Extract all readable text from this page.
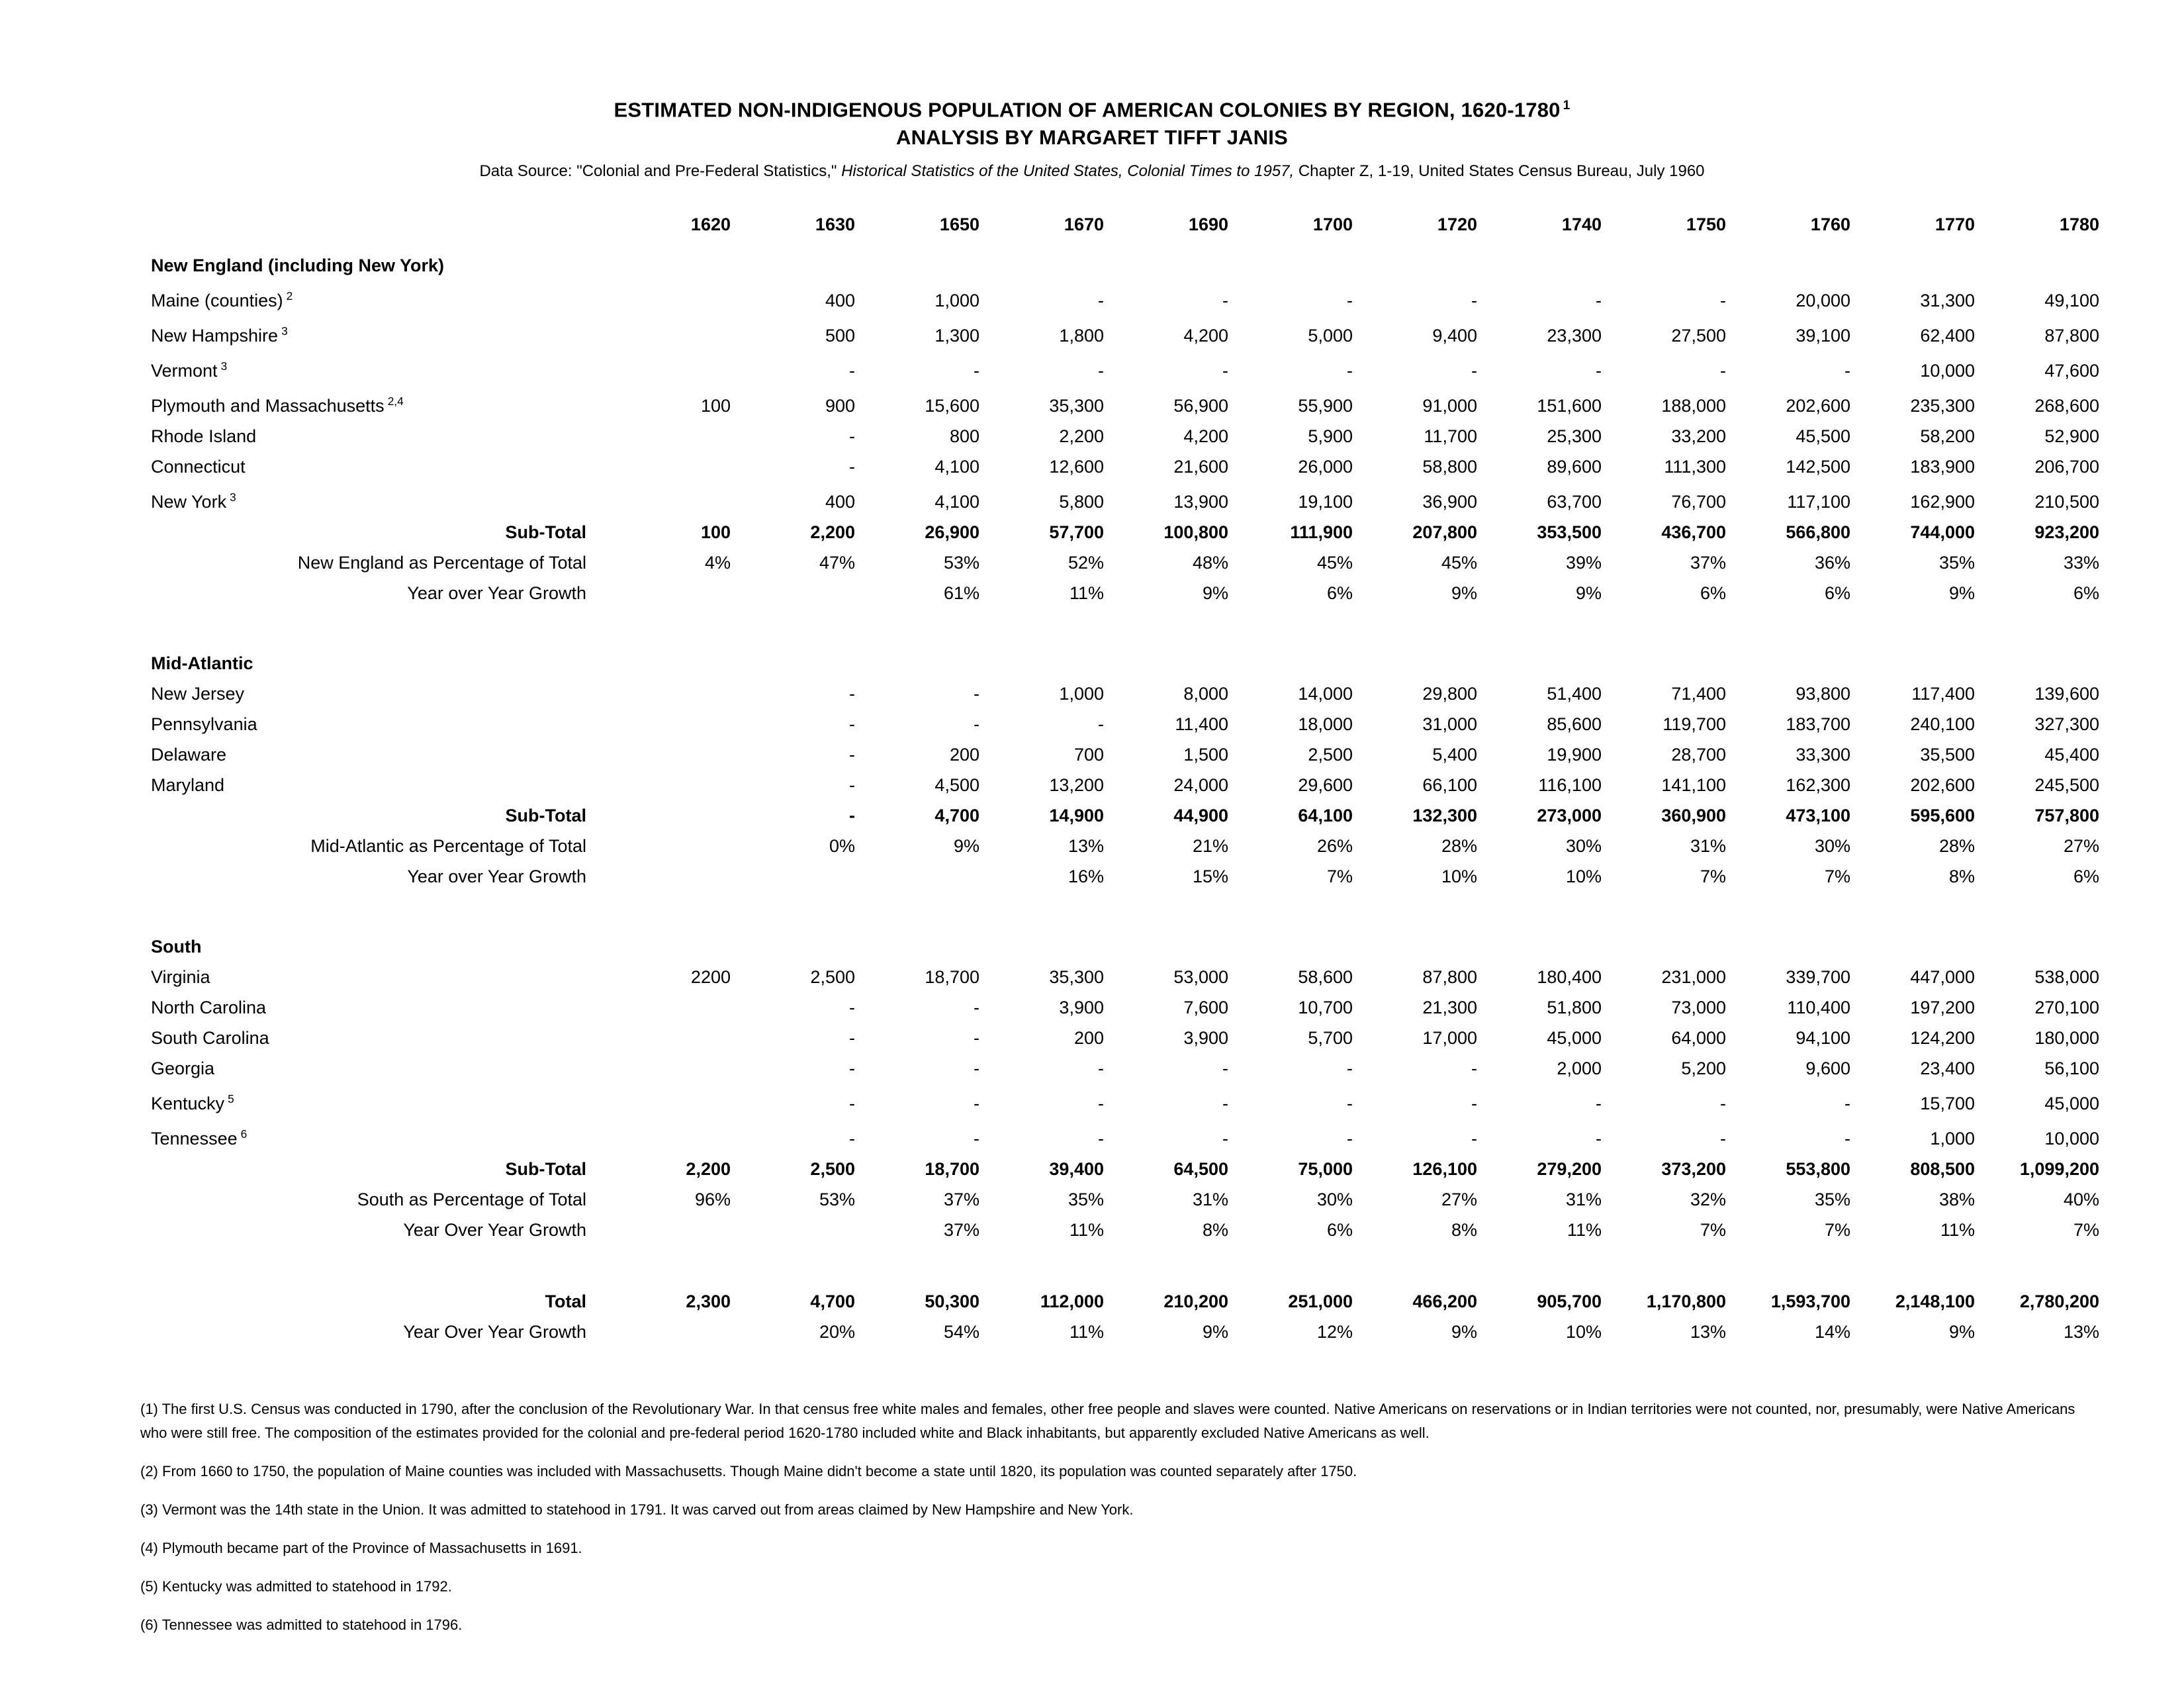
ESTIMATED NON-INDIGENOUS POPULATION OF AMERICAN COLONIES BY REGION, 1620-1780 $^1$
ANALYSIS BY MARGARET TIFFT JANIS
Data Source: "Colonial and Pre-Federal Statistics," Historical Statistics of the United States, Colonial Times to 1957, Chapter Z, 1-19, United States Census Bureau, July 1960
	1620	1630	1650	1670	1690	1700	1720	1740	1750	1760	1770	1780
New England (including New York)												
Maine (counties) $^2$		400	1,000	-	-	-	-	-	-	20,000	31,300	49,100
New Hampshire $^3$		500	1,300	1,800	4,200	5,000	9,400	23,300	27,500	39,100	62,400	87,800
Vermont $^3$		-	-	-	-	-	-	-	-	-	10,000	47,600
Plymouth and Massachusetts $^{2,4}$	100	900	15,600	35,300	56,900	55,900	91,000	151,600	188,000	202,600	235,300	268,600
Rhode Island		-	800	2,200	4,200	5,900	11,700	25,300	33,200	45,500	58,200	52,900
Connecticut		-	4,100	12,600	21,600	26,000	58,800	89,600	111,300	142,500	183,900	206,700
New York $^3$		400	4,100	5,800	13,900	19,100	36,900	63,700	76,700	117,100	162,900	210,500
Sub-Total	100	2,200	26,900	57,700	100,800	111,900	207,800	353,500	436,700	566,800	744,000	923,200
New England as Percentage of Total	4%	47%	53%	52%	48%	45%	45%	39%	37%	36%	35%	33%
Year over Year Growth			61%	11%	9%	6%	9%	9%	6%	6%	9%	6%

Mid-Atlantic												
New Jersey		-	-	1,000	8,000	14,000	29,800	51,400	71,400	93,800	117,400	139,600
Pennsylvania		-	-	-	11,400	18,000	31,000	85,600	119,700	183,700	240,100	327,300
Delaware		-	200	700	1,500	2,500	5,400	19,900	28,700	33,300	35,500	45,400
Maryland		-	4,500	13,200	24,000	29,600	66,100	116,100	141,100	162,300	202,600	245,500
Sub-Total		-	4,700	14,900	44,900	64,100	132,300	273,000	360,900	473,100	595,600	757,800
Mid-Atlantic as Percentage of Total		0%	9%	13%	21%	26%	28%	30%	31%	30%	28%	27%
Year over Year Growth				16%	15%	7%	10%	10%	7%	7%	8%	6%

South												
Virginia	2200	2,500	18,700	35,300	53,000	58,600	87,800	180,400	231,000	339,700	447,000	538,000
North Carolina		-	-	3,900	7,600	10,700	21,300	51,800	73,000	110,400	197,200	270,100
South Carolina		-	-	200	3,900	5,700	17,000	45,000	64,000	94,100	124,200	180,000
Georgia		-	-	-	-	-	-	2,000	5,200	9,600	23,400	56,100
Kentucky $^5$		-	-	-	-	-	-	-	-	-	15,700	45,000
Tennessee $^6$		-	-	-	-	-	-	-	-	-	1,000	10,000
Sub-Total	2,200	2,500	18,700	39,400	64,500	75,000	126,100	279,200	373,200	553,800	808,500	1,099,200
South as Percentage of Total	96%	53%	37%	35%	31%	30%	27%	31%	32%	35%	38%	40%
Year Over Year Growth			37%	11%	8%	6%	8%	11%	7%	7%	11%	7%

Total	2,300	4,700	50,300	112,000	210,200	251,000	466,200	905,700	1,170,800	1,593,700	2,148,100	2,780,200
Year Over Year Growth		20%	54%	11%	9%	12%	9%	10%	13%	14%	9%	13%
(1) The first U.S. Census was conducted in 1790, after the conclusion of the Revolutionary War. In that census free white males and females, other free people and slaves were counted. Native Americans on reservations or in Indian territories were not counted, nor, presumably, were Native Americans who were still free. The composition of the estimates provided for the colonial and pre-federal period 1620-1780 included white and Black inhabitants, but apparently excluded Native Americans as well.
(2) From 1660 to 1750, the population of Maine counties was included with Massachusetts. Though Maine didn't become a state until 1820, its population was counted separately after 1750.
(3) Vermont was the 14th state in the Union. It was admitted to statehood in 1791. It was carved out from areas claimed by New Hampshire and New York.
(4) Plymouth became part of the Province of Massachusetts in 1691.
(5) Kentucky was admitted to statehood in 1792.
(6) Tennessee was admitted to statehood in 1796.
